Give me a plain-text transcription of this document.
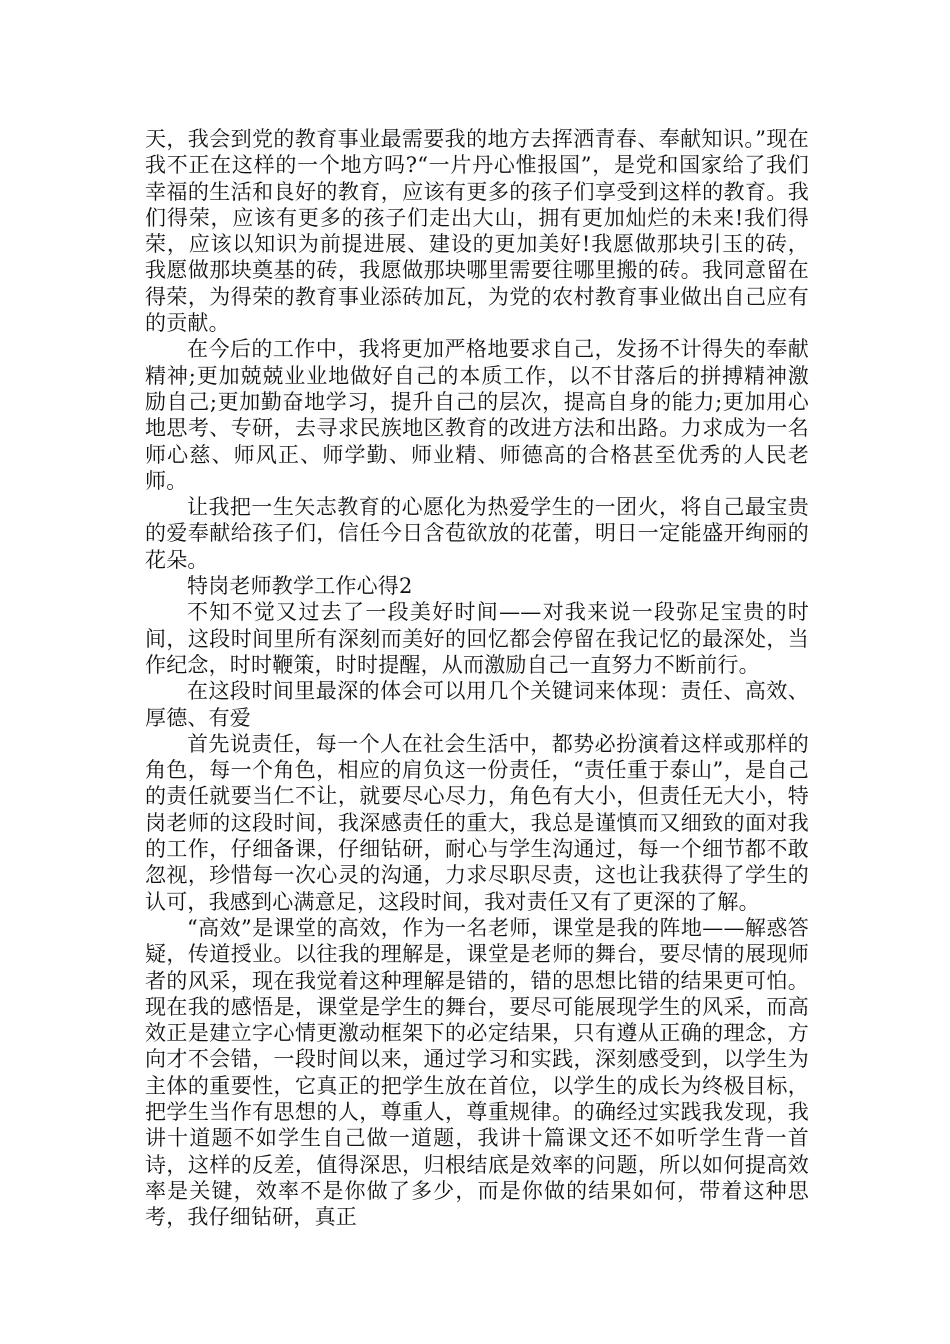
天，我会到党的教育事业最需要我的地方去挥洒青春、奉献知识。”现在我不正在这样的一个地方吗?“一片丹心惟报国”，是党和国家给了我们幸福的生活和良好的教育，应该有更多的孩子们享受到这样的教育。我们得荣，应该有更多的孩子们走出大山，拥有更加灿烂的未来!我们得荣，应该以知识为前提进展、建设的更加美好!我愿做那块引玉的砖，我愿做那块奠基的砖，我愿做那块哪里需要往哪里搬的砖。我同意留在得荣，为得荣的教育事业添砖加瓦，为党的农村教育事业做出自己应有的贡献。

在今后的工作中，我将更加严格地要求自己，发扬不计得失的奉献精神;更加兢兢业业地做好自己的本质工作，以不甘落后的拼搏精神激励自己;更加勤奋地学习，提升自己的层次，提高自身的能力;更加用心地思考、专研，去寻求民族地区教育的改进方法和出路。力求成为一名师心慈、师风正、师学勤、师业精、师德高的合格甚至优秀的人民老师。

让我把一生矢志教育的心愿化为热爱学生的一团火，将自己最宝贵的爱奉献给孩子们，信任今日含苞欲放的花蕾，明日一定能盛开绚丽的花朵。

特岗老师教学工作心得2

不知不觉又过去了一段美好时间——对我来说一段弥足宝贵的时间，这段时间里所有深刻而美好的回忆都会停留在我记忆的最深处，当作纪念，时时鞭策，时时提醒，从而激励自己一直努力不断前行。

在这段时间里最深的体会可以用几个关键词来体现：责任、高效、厚德、有爱

首先说责任，每一个人在社会生活中，都势必扮演着这样或那样的角色，每一个角色，相应的肩负这一份责任，“责任重于泰山”，是自己的责任就要当仁不让，就要尽心尽力，角色有大小，但责任无大小，特岗老师的这段时间，我深感责任的重大，我总是谨慎而又细致的面对我的工作，仔细备课，仔细钻研，耐心与学生沟通过，每一个细节都不敢忽视，珍惜每一次心灵的沟通，力求尽职尽责，这也让我获得了学生的认可，我感到心满意足，这段时间，我对责任又有了更深的了解。

“高效”是课堂的高效，作为一名老师，课堂是我的阵地——解惑答疑，传道授业。以往我的理解是，课堂是老师的舞台，要尽情的展现师者的风采，现在我觉着这种理解是错的，错的思想比错的结果更可怕。现在我的感悟是，课堂是学生的舞台，要尽可能展现学生的风采，而高效正是建立字心情更激动框架下的必定结果，只有遵从正确的理念，方向才不会错，一段时间以来，通过学习和实践，深刻感受到，以学生为主体的重要性，它真正的把学生放在首位，以学生的成长为终极目标，把学生当作有思想的人，尊重人，尊重规律。的确经过实践我发现，我讲十道题不如学生自己做一道题，我讲十篇课文还不如听学生背一首诗，这样的反差，值得深思，归根结底是效率的问题，所以如何提高效率是关键，效率不是你做了多少，而是你做的结果如何，带着这种思考，我仔细钻研，真正
